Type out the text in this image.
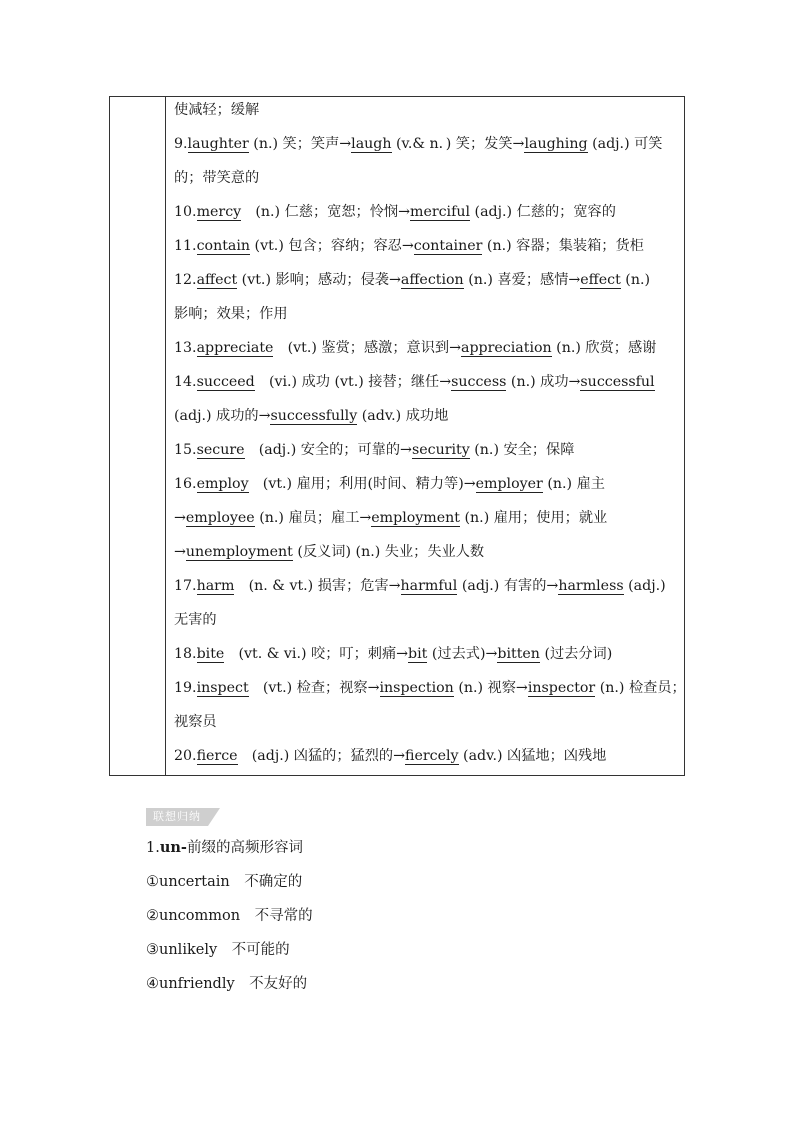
使减轻；缓解
9.laughter (n.) 笑；笑声→laugh (v.& n．) 笑；发笑→laughing (adj.) 可笑
的；带笑意的
10.mercy　(n.) 仁慈；宽恕；怜悯→merciful (adj.) 仁慈的；宽容的
11.contain (vt.) 包含；容纳；容忍→container (n.) 容器；集装箱；货柜
12.affect (vt.) 影响；感动；侵袭→affection (n.) 喜爱；感情→effect (n.)
影响；效果；作用
13.appreciate　(vt.) 鉴赏；感激；意识到→appreciation (n.) 欣赏；感谢
14.succeed　(vi.) 成功 (vt.) 接替；继任→success (n.) 成功→successful
(adj.) 成功的→successfully (adv.) 成功地
15.secure　(adj.) 安全的；可靠的→security (n.) 安全；保障
16.employ　(vt.) 雇用；利用(时间、精力等)→employer (n.) 雇主
→employee (n.) 雇员；雇工→employment (n.) 雇用；使用；就业
→unemployment (反义词) (n.) 失业；失业人数
17.harm　(n. & vt.) 损害；危害→harmful (adj.) 有害的→harmless (adj.)
无害的
18.bite　(vt. & vi.) 咬；叮；刺痛→bit (过去式)→bitten (过去分词)
19.inspect　(vt.) 检查；视察→inspection (n.) 视察→inspector (n.) 检查员；
视察员
20.fierce　(adj.) 凶猛的；猛烈的→fiercely (adv.) 凶猛地；凶残地
联想归纳
1.un-前缀的高频形容词
①uncertain　不确定的
②uncommon　不寻常的
③unlikely　不可能的
④unfriendly　不友好的
